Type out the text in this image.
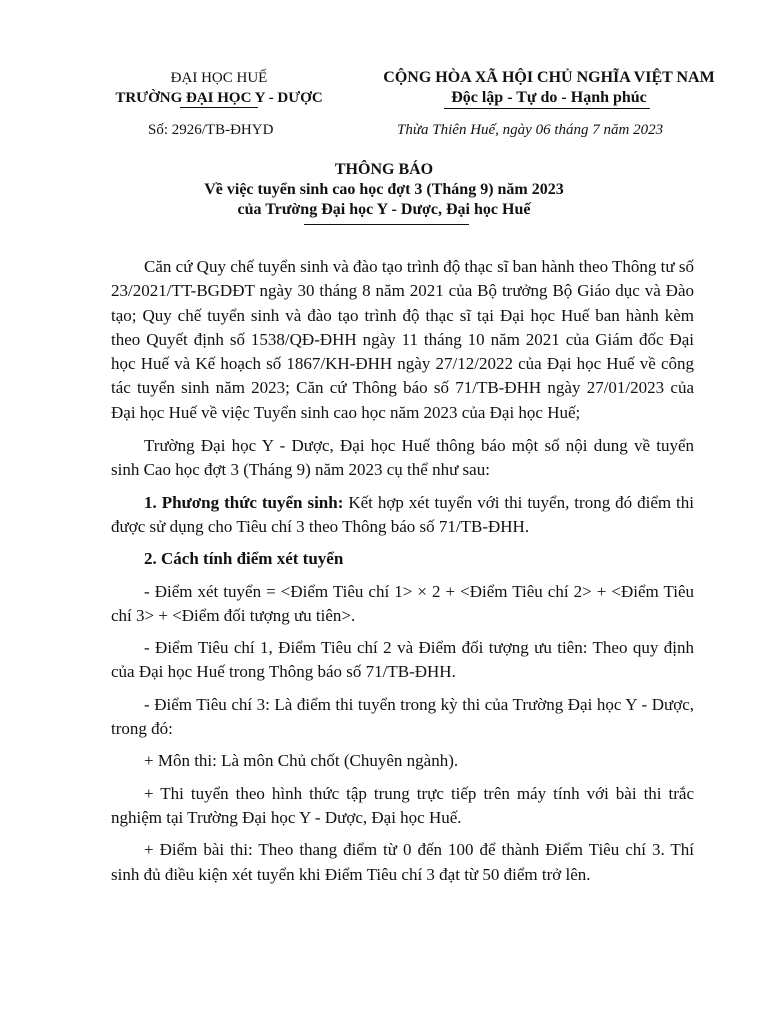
ĐẠI HỌC HUẾ
TRƯỜNG ĐẠI HỌC Y - DƯỢC
CỘNG HÒA XÃ HỘI CHỦ NGHĨA VIỆT NAM
Độc lập - Tự do - Hạnh phúc
Số: 2926/TB-ĐHYD	Thừa Thiên Huế, ngày 06 tháng 7 năm 2023
THÔNG BÁO
Về việc tuyển sinh cao học đợt 3 (Tháng 9) năm 2023
của Trường Đại học Y - Dược, Đại học Huế

Căn cứ Quy chế tuyển sinh và đào tạo trình độ thạc sĩ ban hành theo Thông tư số 23/2021/TT-BGDĐT ngày 30 tháng 8 năm 2021 của Bộ trưởng Bộ Giáo dục và Đào tạo; Quy chế tuyển sinh và đào tạo trình độ thạc sĩ tại Đại học Huế ban hành kèm theo Quyết định số 1538/QĐ-ĐHH ngày 11 tháng 10 năm 2021 của Giám đốc Đại học Huế và Kế hoạch số 1867/KH-ĐHH ngày 27/12/2022 của Đại học Huế về công tác tuyển sinh năm 2023; Căn cứ Thông báo số 71/TB-ĐHH ngày 27/01/2023 của Đại học Huế về việc Tuyển sinh cao học năm 2023 của Đại học Huế;

Trường Đại học Y - Dược, Đại học Huế thông báo một số nội dung về tuyển sinh Cao học đợt 3 (Tháng 9) năm 2023 cụ thể như sau:

1. Phương thức tuyển sinh: Kết hợp xét tuyển với thi tuyển, trong đó điểm thi được sử dụng cho Tiêu chí 3 theo Thông báo số 71/TB-ĐHH.

2. Cách tính điểm xét tuyển

- Điểm xét tuyển = <Điểm Tiêu chí 1> × 2 + <Điểm Tiêu chí 2> + <Điểm Tiêu chí 3> + <Điểm đối tượng ưu tiên>.

- Điểm Tiêu chí 1, Điểm Tiêu chí 2 và Điểm đối tượng ưu tiên: Theo quy định của Đại học Huế trong Thông báo số 71/TB-ĐHH.

- Điểm Tiêu chí 3: Là điểm thi tuyển trong kỳ thi của Trường Đại học Y - Dược, trong đó:

+ Môn thi: Là môn Chủ chốt (Chuyên ngành).

+ Thi tuyển theo hình thức tập trung trực tiếp trên máy tính với bài thi trắc nghiệm tại Trường Đại học Y - Dược, Đại học Huế.

+ Điểm bài thi: Theo thang điểm từ 0 đến 100 để thành Điểm Tiêu chí 3. Thí sinh đủ điều kiện xét tuyển khi Điểm Tiêu chí 3 đạt từ 50 điểm trở lên.
